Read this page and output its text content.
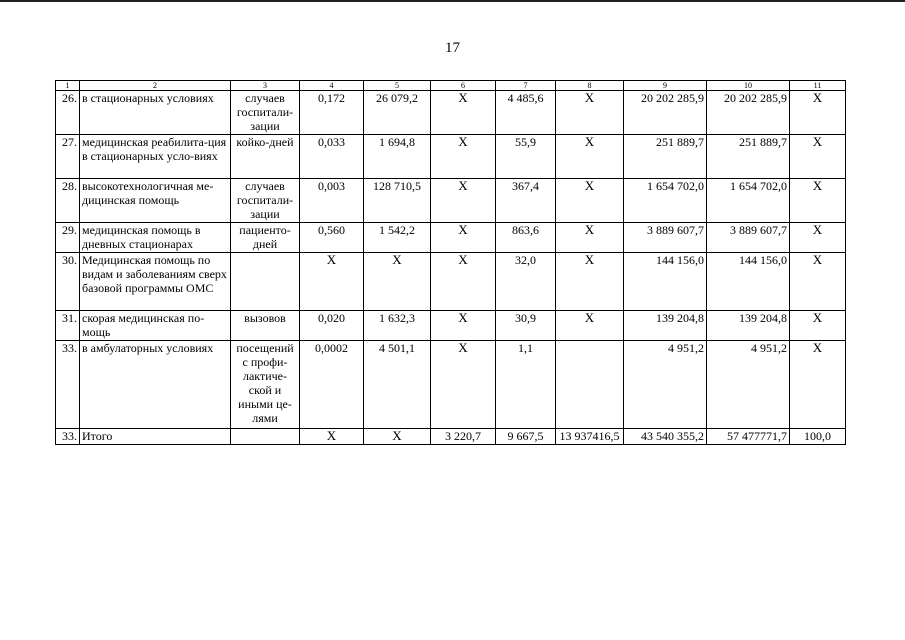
17
1	2	3	4	5	6	7	8	9	10	11
26.	в стационарных условиях	случаев госпитали-зации	0,172	26 079,2	X	4 485,6	X	20 202 285,9	20 202 285,9	X
27.	медицинская реабилита-ция в стационарных усло-виях	койко-дней	0,033	1 694,8	X	55,9	X	251 889,7	251 889,7	X
28.	высокотехнологичная ме-дицинская помощь	случаев госпитали-зации	0,003	128 710,5	X	367,4	X	1 654 702,0	1 654 702,0	X
29.	медицинская помощь в дневных стационарах	пациенто-дней	0,560	1 542,2	X	863,6	X	3 889 607,7	3 889 607,7	X
30.	Медицинская помощь по видам и заболеваниям сверх базовой программы ОМС		X	X	X	32,0	X	144 156,0	144 156,0	X
31.	скорая медицинская по-мощь	вызовов	0,020	1 632,3	X	30,9	X	139 204,8	139 204,8	X
33.	в амбулаторных условиях	посещений с профи-лактиче-ской и иными це-лями	0,0002	4 501,1	X	1,1		4 951,2	4 951,2	X
33.	Итого		X	X	3 220,7	9 667,5	13 937416,5	43 540 355,2	57 477771,7	100,0
